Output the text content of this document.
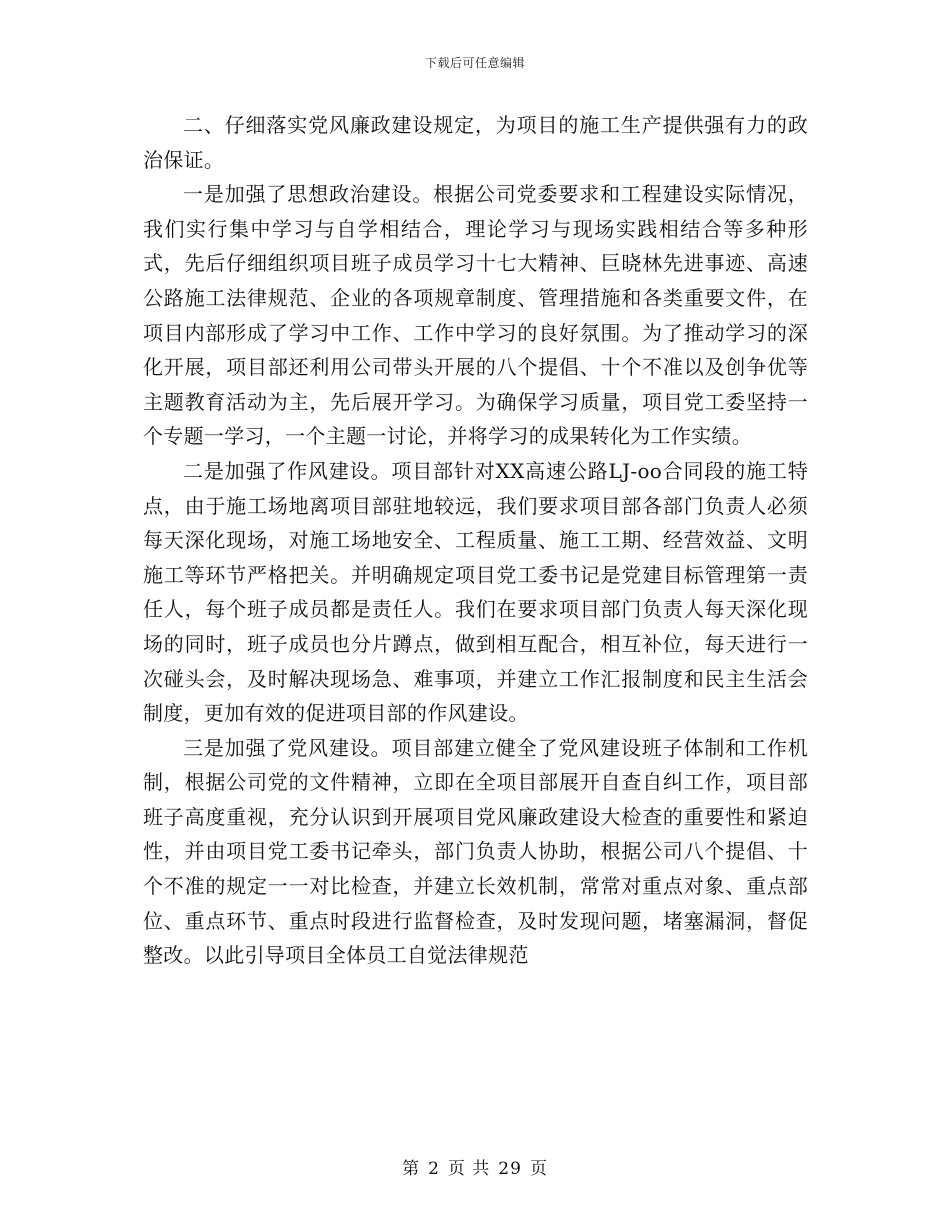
下载后可任意编辑

二、仔细落实党风廉政建设规定，为项目的施工生产提供强有力的政治保证。

一是加强了思想政治建设。根据公司党委要求和工程建设实际情况，我们实行集中学习与自学相结合，理论学习与现场实践相结合等多种形式，先后仔细组织项目班子成员学习十七大精神、巨晓林先进事迹、高速公路施工法律规范、企业的各项规章制度、管理措施和各类重要文件，在项目内部形成了学习中工作、工作中学习的良好氛围。为了推动学习的深化开展，项目部还利用公司带头开展的八个提倡、十个不准以及创争优等主题教育活动为主，先后展开学习。为确保学习质量，项目党工委坚持一个专题一学习，一个主题一讨论，并将学习的成果转化为工作实绩。

二是加强了作风建设。项目部针对XX高速公路LJ-oo合同段的施工特点，由于施工场地离项目部驻地较远，我们要求项目部各部门负责人必须每天深化现场，对施工场地安全、工程质量、施工工期、经营效益、文明施工等环节严格把关。并明确规定项目党工委书记是党建目标管理第一责任人，每个班子成员都是责任人。我们在要求项目部门负责人每天深化现场的同时，班子成员也分片蹲点，做到相互配合，相互补位，每天进行一次碰头会，及时解决现场急、难事项，并建立工作汇报制度和民主生活会制度，更加有效的促进项目部的作风建设。

三是加强了党风建设。项目部建立健全了党风建设班子体制和工作机制，根据公司党的文件精神，立即在全项目部展开自查自纠工作，项目部班子高度重视，充分认识到开展项目党风廉政建设大检查的重要性和紧迫性，并由项目党工委书记牵头，部门负责人协助，根据公司八个提倡、十个不准的规定一一对比检查，并建立长效机制，常常对重点对象、重点部位、重点环节、重点时段进行监督检查，及时发现问题，堵塞漏洞，督促整改。以此引导项目全体员工自觉法律规范

第 2 页 共 29 页
